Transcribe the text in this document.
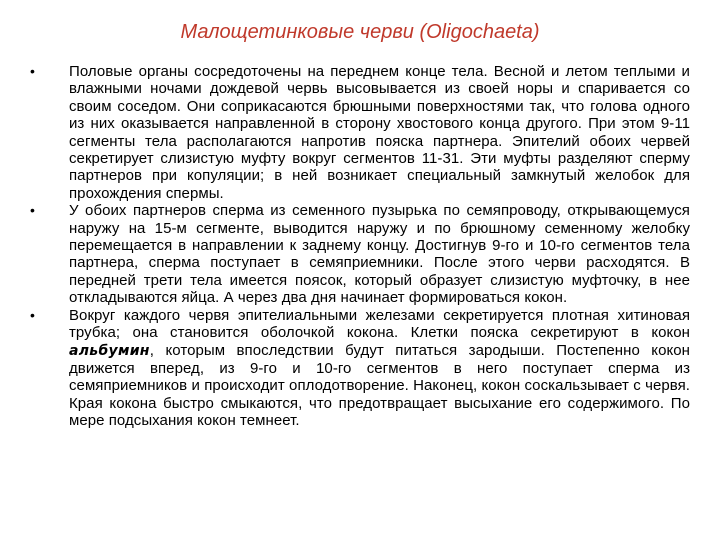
Малощетинковые черви (Oligochaeta)
•	Половые органы сосредоточены на переднем конце тела. Весной и летом теплыми и влажными ночами дождевой червь высовывается из своей норы и спаривается со своим соседом. Они соприкасаются брюшными поверхностями так, что голова одного из них оказывается направленной в сторону хвостового конца другого. При этом 9-11 сегменты тела располагаются напротив пояска партнера. Эпителий обоих червей секретирует слизистую муфту вокруг сегментов 11-31. Эти муфты разделяют сперму партнеров при копуляции; в ней возникает специальный замкнутый желобок для прохождения спермы.
•	У обоих партнеров сперма из семенного пузырька по семяпроводу, открывающемуся наружу на 15-м сегменте, выводится наружу и по брюшному семенному желобку перемещается в направлении к заднему концу. Достигнув 9-го и 10-го сегментов тела партнера, сперма поступает в семяприемники. После этого черви расходятся. В передней трети тела имеется поясок, который образует слизистую муфточку, в нее откладываются яйца. А через два дня начинает формироваться кокон.
•	Вокруг каждого червя эпителиальными железами секретируется плотная хитиновая трубка; она становится оболочкой кокона. Клетки пояска секретируют в кокон альбумин, которым впоследствии будут питаться зародыши. Постепенно кокон движется вперед, из 9-го и 10-го сегментов в него поступает сперма из семяприемников и происходит оплодотворение. Наконец, кокон соскальзывает с червя. Края кокона быстро смыкаются, что предотвращает высыхание его содержимого. По мере подсыхания кокон темнеет.
